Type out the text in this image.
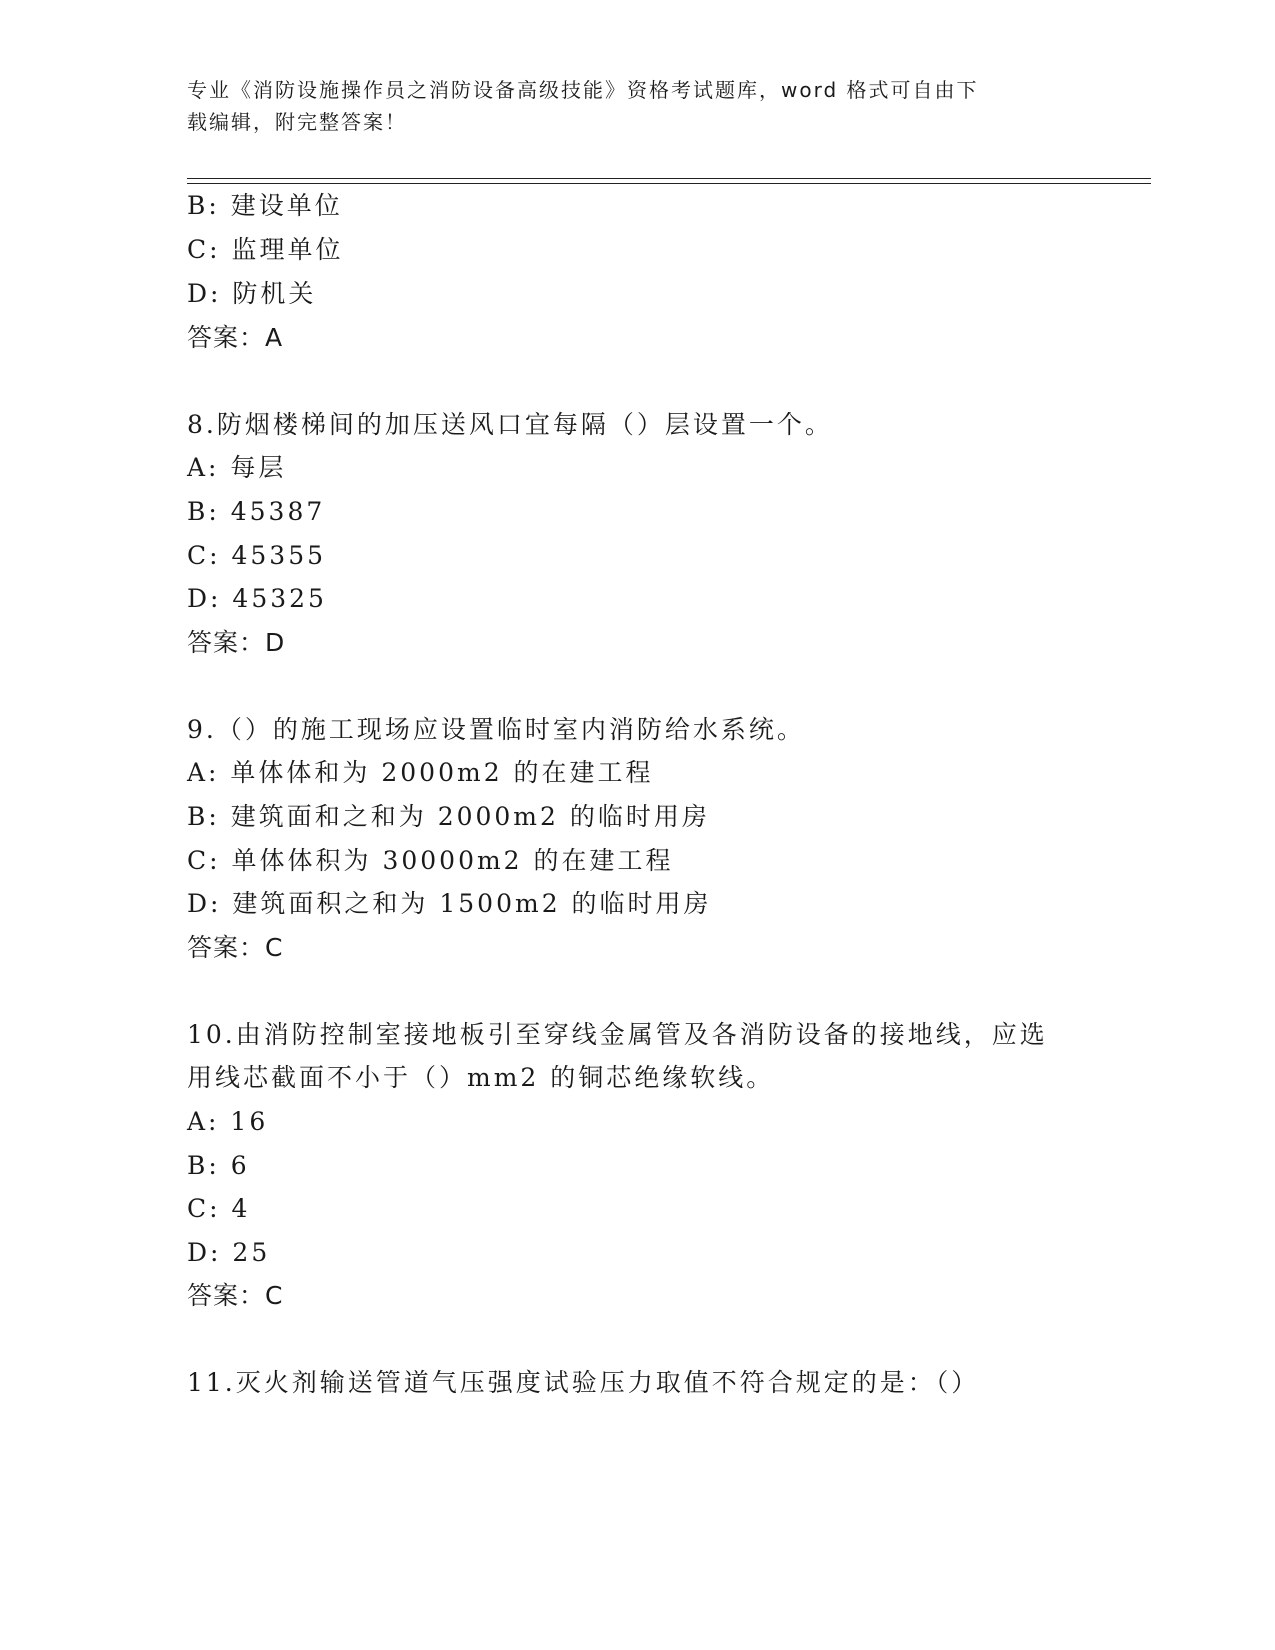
专业《消防设施操作员之消防设备高级技能》资格考试题库，word 格式可自由下
载编辑，附完整答案！
B: 建设单位
C: 监理单位
D: 防机关
答案：A
8.防烟楼梯间的加压送风口宜每隔（）层设置一个。
A: 每层
B: 45387
C: 45355
D: 45325
答案：D
9.（）的施工现场应设置临时室内消防给水系统。
A: 单体体和为 2000m2 的在建工程
B: 建筑面和之和为 2000m2 的临时用房
C: 单体体积为 30000m2 的在建工程
D: 建筑面积之和为 1500m2 的临时用房
答案：C
10.由消防控制室接地板引至穿线金属管及各消防设备的接地线，应选
用线芯截面不小于（）mm2 的铜芯绝缘软线。
A: 16
B: 6
C: 4
D: 25
答案：C
11.灭火剂输送管道气压强度试验压力取值不符合规定的是：（）
